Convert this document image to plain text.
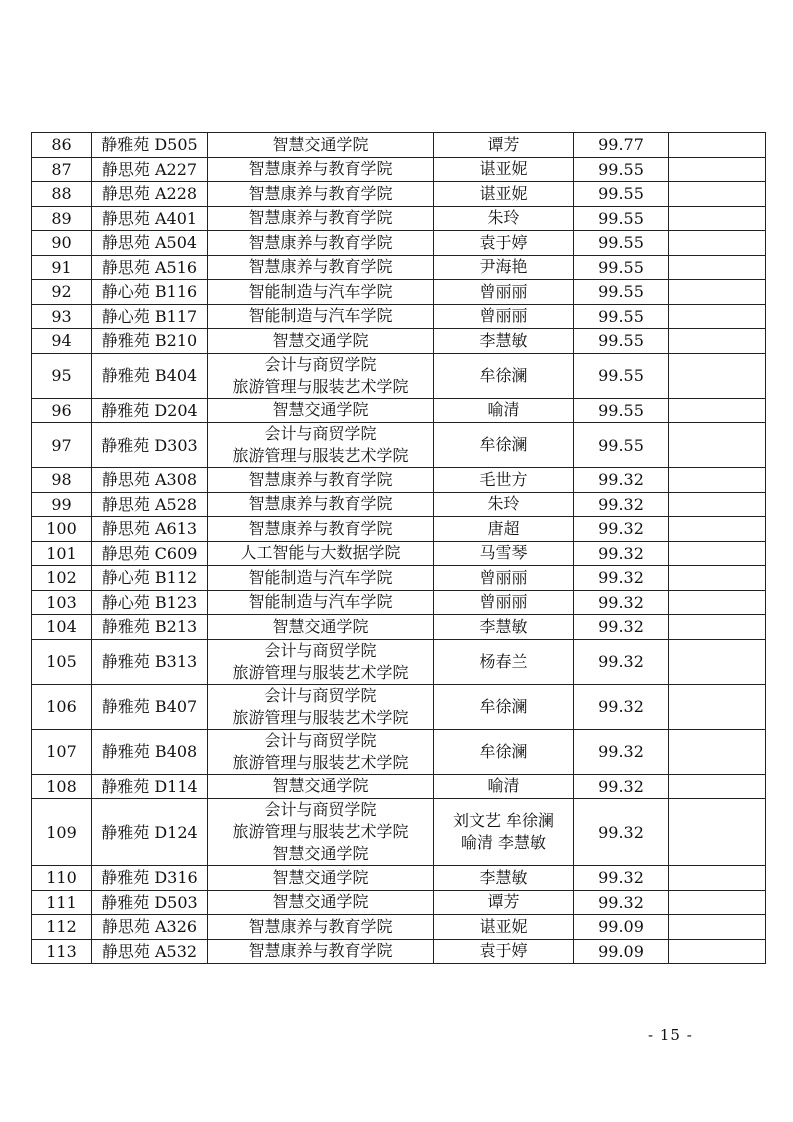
86	静雅苑 D505	智慧交通学院	谭芳	99.77	
87	静思苑 A227	智慧康养与教育学院	谌亚妮	99.55	
88	静思苑 A228	智慧康养与教育学院	谌亚妮	99.55	
89	静思苑 A401	智慧康养与教育学院	朱玲	99.55	
90	静思苑 A504	智慧康养与教育学院	袁于婷	99.55	
91	静思苑 A516	智慧康养与教育学院	尹海艳	99.55	
92	静心苑 B116	智能制造与汽车学院	曾丽丽	99.55	
93	静心苑 B117	智能制造与汽车学院	曾丽丽	99.55	
94	静雅苑 B210	智慧交通学院	李慧敏	99.55	
95	静雅苑 B404	会计与商贸学院
旅游管理与服装艺术学院	牟徐澜	99.55	
96	静雅苑 D204	智慧交通学院	喻清	99.55	
97	静雅苑 D303	会计与商贸学院
旅游管理与服装艺术学院	牟徐澜	99.55	
98	静思苑 A308	智慧康养与教育学院	毛世方	99.32	
99	静思苑 A528	智慧康养与教育学院	朱玲	99.32	
100	静思苑 A613	智慧康养与教育学院	唐超	99.32	
101	静思苑 C609	人工智能与大数据学院	马雪琴	99.32	
102	静心苑 B112	智能制造与汽车学院	曾丽丽	99.32	
103	静心苑 B123	智能制造与汽车学院	曾丽丽	99.32	
104	静雅苑 B213	智慧交通学院	李慧敏	99.32	
105	静雅苑 B313	会计与商贸学院
旅游管理与服装艺术学院	杨春兰	99.32	
106	静雅苑 B407	会计与商贸学院
旅游管理与服装艺术学院	牟徐澜	99.32	
107	静雅苑 B408	会计与商贸学院
旅游管理与服装艺术学院	牟徐澜	99.32	
108	静雅苑 D114	智慧交通学院	喻清	99.32	
109	静雅苑 D124	会计与商贸学院
旅游管理与服装艺术学院
智慧交通学院	刘文艺 牟徐澜
喻清 李慧敏	99.32	
110	静雅苑 D316	智慧交通学院	李慧敏	99.32	
111	静雅苑 D503	智慧交通学院	谭芳	99.32	
112	静思苑 A326	智慧康养与教育学院	谌亚妮	99.09	
113	静思苑 A532	智慧康养与教育学院	袁于婷	99.09	
- 15 -
